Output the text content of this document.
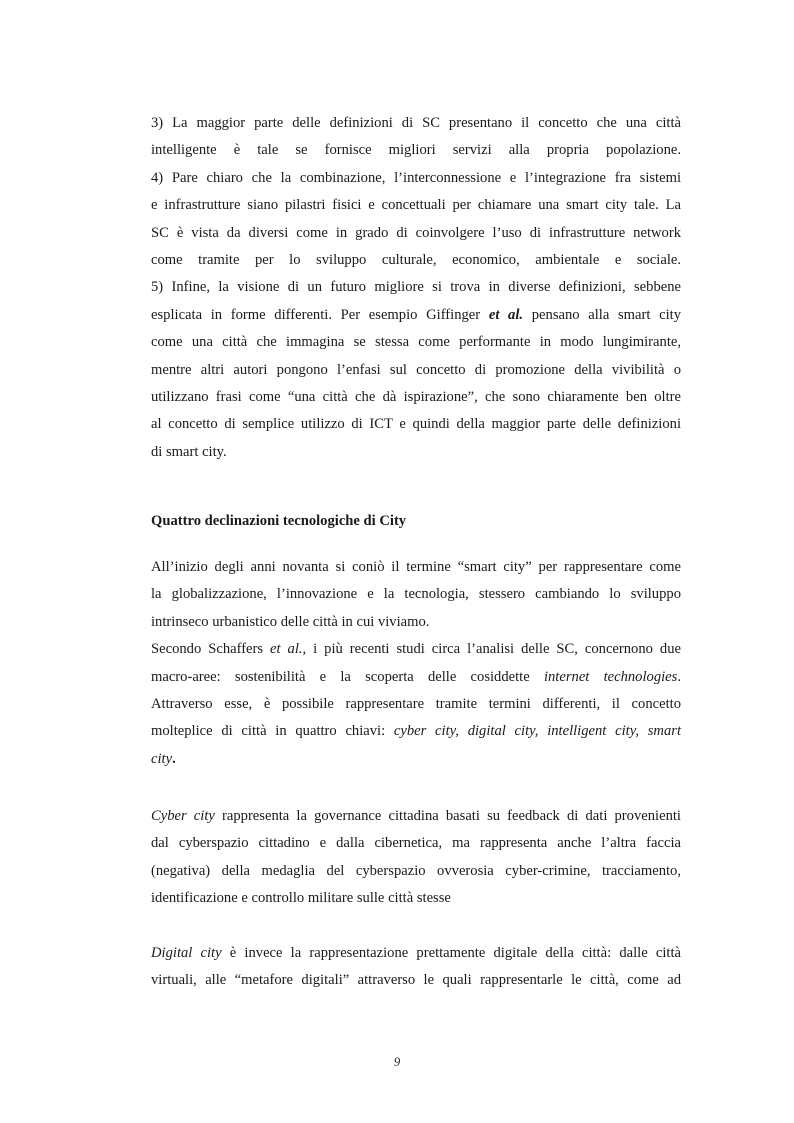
3) La maggior parte delle definizioni di SC presentano il concetto che una città
intelligente è tale se fornisce migliori servizi alla propria popolazione.
4) Pare chiaro che la combinazione, l’interconnessione e l’integrazione fra sistemi
e infrastrutture siano pilastri fisici e concettuali per chiamare una smart city tale. La
SC è vista da diversi come in grado di coinvolgere l’uso di infrastrutture network
come tramite per lo sviluppo culturale, economico, ambientale e sociale.
5) Infine, la visione di un futuro migliore si trova in diverse definizioni, sebbene
esplicata in forme differenti. Per esempio Giffinger et al. pensano alla smart city
come una città che immagina se stessa come performante in modo lungimirante,
mentre altri autori pongono l’enfasi sul concetto di promozione della vivibilità o
utilizzano frasi come “una città che dà ispirazione”, che sono chiaramente ben oltre
al concetto di semplice utilizzo di ICT e quindi della maggior parte delle definizioni
di smart city.
Quattro declinazioni tecnologiche di City
All’inizio degli anni novanta si coniò il termine “smart city” per rappresentare come
la globalizzazione, l’innovazione e la tecnologia, stessero cambiando lo sviluppo
intrinseco urbanistico delle città in cui viviamo.
Secondo Schaffers et al., i più recenti studi circa l’analisi delle SC, concernono due
macro-aree: sostenibilità e la scoperta delle cosiddette internet technologies.
Attraverso esse, è possibile rappresentare tramite termini differenti, il concetto
molteplice di città in quattro chiavi: cyber city, digital city, intelligent city, smart
city.
Cyber city rappresenta la governance cittadina basati su feedback di dati provenienti
dal cyberspazio cittadino e dalla cibernetica, ma rappresenta anche l’altra faccia
(negativa) della medaglia del cyberspazio ovverosia cyber-crimine, tracciamento,
identificazione e controllo militare sulle città stesse
Digital city è invece la rappresentazione prettamente digitale della città: dalle città
virtuali, alle “metafore digitali” attraverso le quali rappresentarle le città, come ad
9
